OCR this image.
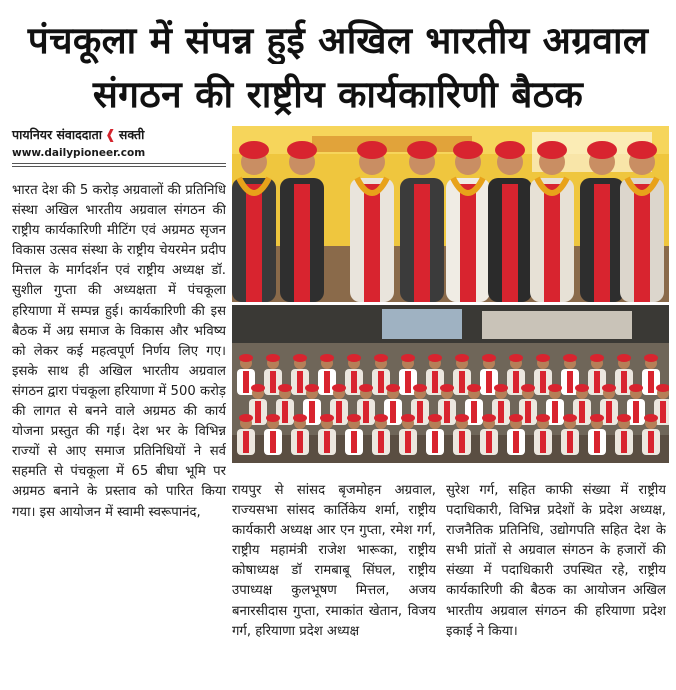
पंचकूला में संपन्न हुई अखिल भारतीय अग्रवाल
संगठन की राष्ट्रीय कार्यकारिणी बैठक
पायनियर संवाददाता ❰ सक्ती
www.dailypioneer.com

भारत देश की 5 करोड़ अग्रवालों की प्रतिनिधि संस्था अखिल भारतीय अग्रवाल संगठन की राष्ट्रीय कार्यकारिणी मीटिंग एवं अग्रमठ सृजन विकास उत्सव संस्था के राष्ट्रीय चेयरमेन प्रदीप मित्तल के मार्गदर्शन एवं राष्ट्रीय अध्यक्ष डॉ. सुशील गुप्ता की अध्यक्षता में पंचकूला हरियाणा में सम्पन्न हुई। कार्यकारिणी की इस बैठक में अग्र समाज के विकास और भविष्य को लेकर कई महत्वपूर्ण निर्णय लिए गए। इसके साथ ही अखिल भारतीय अग्रवाल संगठन द्वारा पंचकूला हरियाणा में 500 करोड़ की लागत से बनने वाले अग्रमठ की कार्य योजना प्रस्तुत की गई। देश भर के विभिन्न राज्यों से आए समाज प्रतिनिधियों ने सर्व सहमति से पंचकूला में 65 बीघा भूमि पर अग्रमठ बनाने के प्रस्ताव को पारित किया गया। इस आयोजन में स्वामी स्वरूपानंद,

रायपुर से सांसद बृजमोहन अग्रवाल, राज्यसभा सांसद कार्तिकेय शर्मा, राष्ट्रीय कार्यकारी अध्यक्ष आर एन गुप्ता, रमेश गर्ग, राष्ट्रीय महामंत्री राजेश भारूका, राष्ट्रीय कोषाध्यक्ष डॉ रामबाबू सिंघल, राष्ट्रीय उपाध्यक्ष कुलभूषण मित्तल, अजय बनारसीदास गुप्ता, रमाकांत खेतान, विजय गर्ग, हरियाणा प्रदेश अध्यक्ष

सुरेश गर्ग, सहित काफी संख्या में राष्ट्रीय पदाधिकारी, विभिन्न प्रदेशों के प्रदेश अध्यक्ष, राजनैतिक प्रतिनिधि, उद्योगपति सहित देश के सभी प्रांतों से अग्रवाल संगठन के हजारों की संख्या में पदाधिकारी उपस्थित रहे, राष्ट्रीय कार्यकारिणी की बैठक का आयोजन अखिल भारतीय अग्रवाल संगठन की हरियाणा प्रदेश इकाई ने किया।
